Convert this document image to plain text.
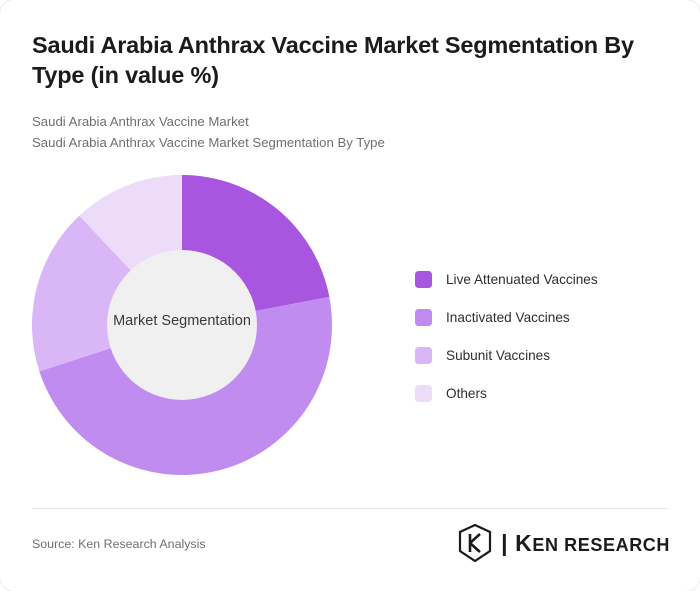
Saudi Arabia Anthrax Vaccine Market Segmentation By Type (in value %)
Saudi Arabia Anthrax Vaccine Market
Saudi Arabia Anthrax Vaccine Market Segmentation By Type
Market Segmentation
Live Attenuated Vaccines
Inactivated Vaccines
Subunit Vaccines
Others
Source: Ken Research Analysis	| KEN RESEARCH
